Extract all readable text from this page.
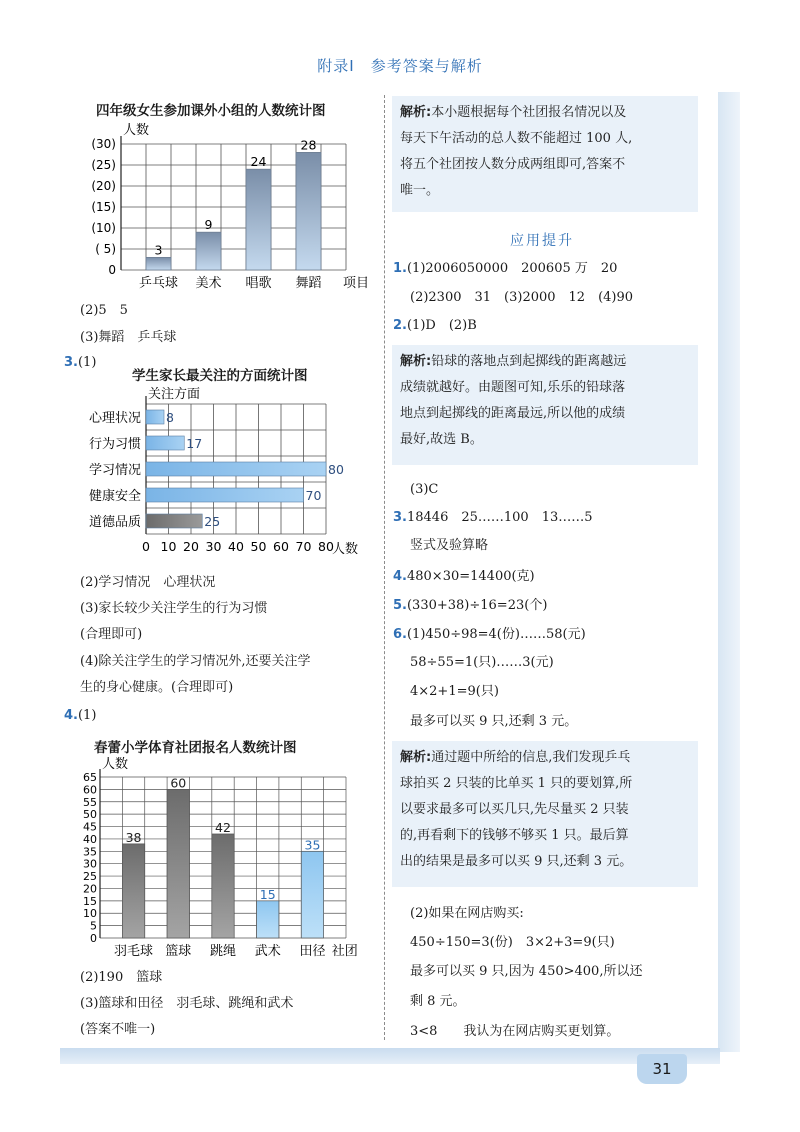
附录Ⅰ　参考答案与解析
四年级女生参加课外小组的人数统计图
0
( 5)
(10)
(15)
(20)
(25)
(30)
人数
3
乒乓球
9
美术
24
唱歌
28
舞蹈 项目
(2)5　5
(3)舞蹈　乒乓球
3.(1)
学生家长最关注的方面统计图
0 10 20 30 40 50 60 70 80
关注方面
人数
8
心理状况
17
行为习惯
80
学习情况
70
健康安全
25
道德品质
(2)学习情况　心理状况
(3)家长较少关注学生的行为习惯
(合理即可)
(4)除关注学生的学习情况外,还要关注学
生的身心健康。(合理即可)
4.(1)
春蕾小学体育社团报名人数统计图
0
5
10
15
20
25
30
35
40
45
50
55
60
65
人数
38
羽毛球
60
篮球
42
跳绳
15
武术
35
田径 社团
(2)190　篮球
(3)篮球和田径　羽毛球、跳绳和武术
(答案不唯一)
解析:本小题根据每个社团报名情况以及
每天下午活动的总人数不能超过 100 人,
将五个社团按人数分成两组即可,答案不
唯一。
应用提升
1.(1)2006050000　200605 万　20
(2)2300　31　(3)2000　12　(4)90
2.(1)D　(2)B
解析:铅球的落地点到起掷线的距离越远
成绩就越好。由题图可知,乐乐的铅球落
地点到起掷线的距离最远,所以他的成绩
最好,故选 B。
(3)C
3.18446　25……100　13……5
竖式及验算略
4.480×30=14400(克)
5.(330+38)÷16=23(个)
6.(1)450÷98=4(份)……58(元)
58÷55=1(只)……3(元)
4×2+1=9(只)
最多可以买 9 只,还剩 3 元。
解析:通过题中所给的信息,我们发现乒乓
球拍买 2 只装的比单买 1 只的要划算,所
以要求最多可以买几只,先尽量买 2 只装
的,再看剩下的钱够不够买 1 只。最后算
出的结果是最多可以买 9 只,还剩 3 元。
(2)如果在网店购买:
450÷150=3(份)　3×2+3=9(只)
最多可以买 9 只,因为 450>400,所以还
剩 8 元。
3<8　　我认为在网店购买更划算。
31
